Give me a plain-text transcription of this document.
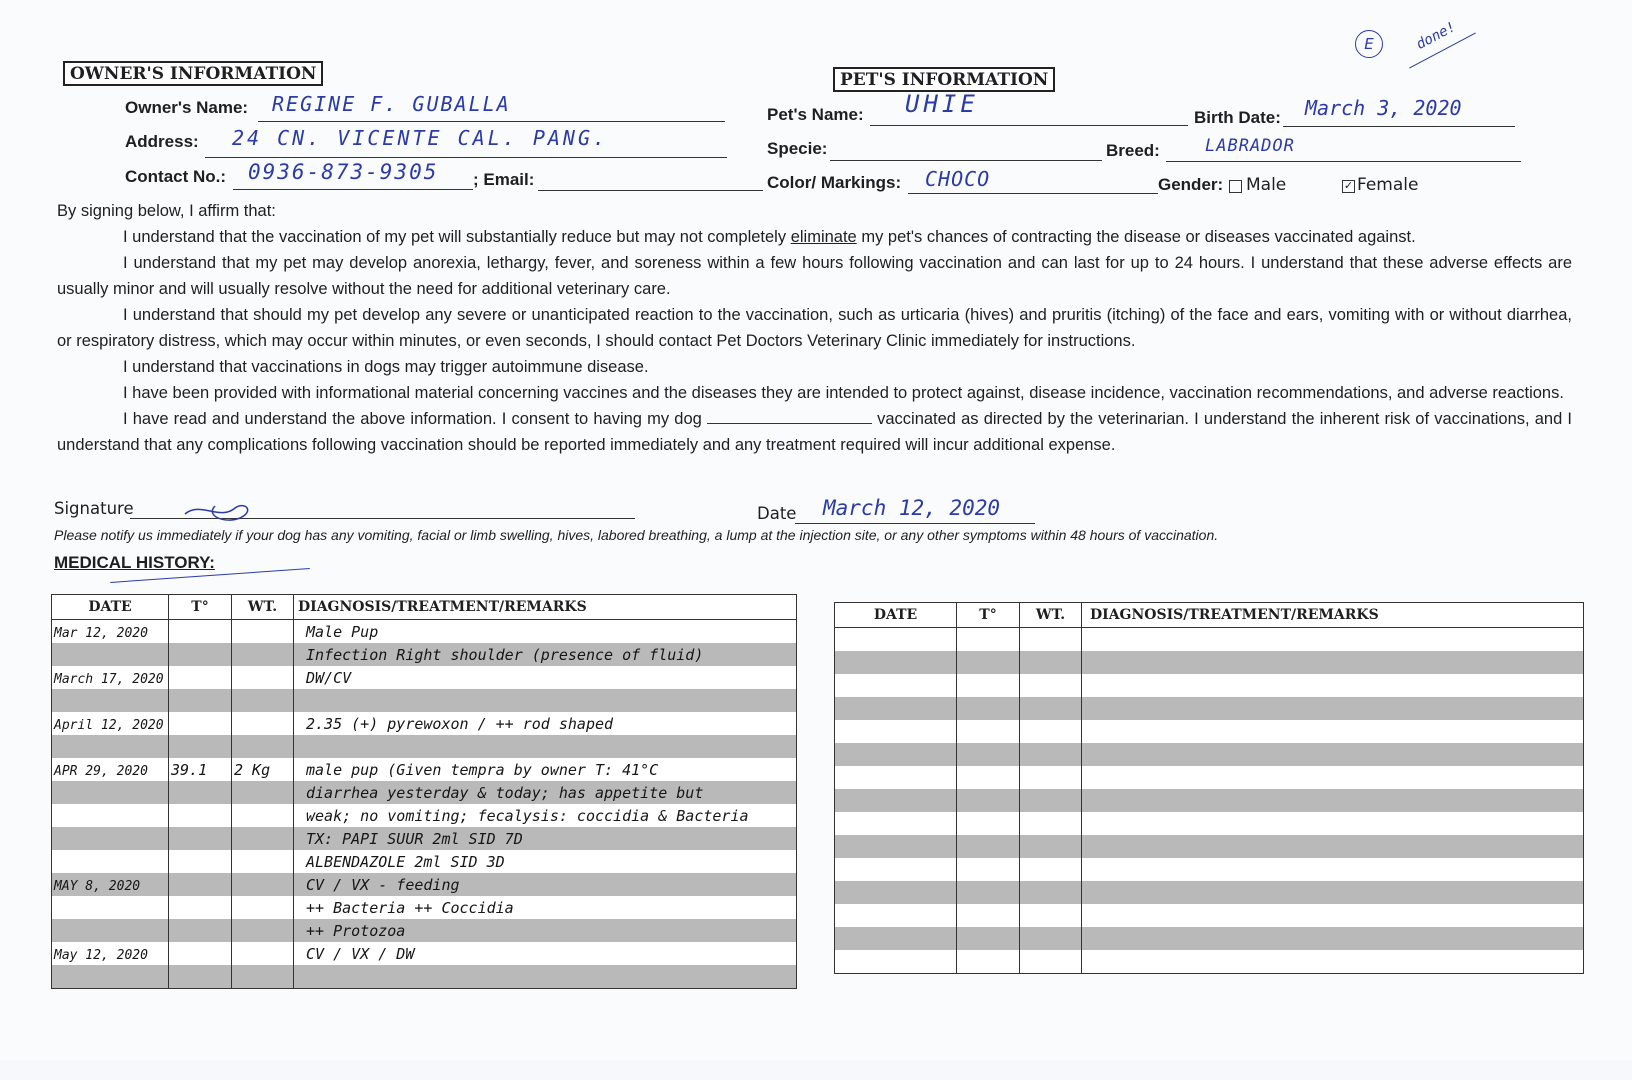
E	done!
OWNER'S INFORMATION
Owner's Name: REGINE F. GUBALLA
Address: 24 CN. VICENTE CAL. PANG.
Contact No.: 0936-873-9305 ; Email:
PET'S INFORMATION
Pet's Name: UHIE	Birth Date: March 3, 2020
Specie:	Breed:	LABRADOR
Color/ Markings: CHOCO	Gender: Male	✓ Female

By signing below, I affirm that:

I understand that the vaccination of my pet will substantially reduce but may not completely eliminate my pet's chances of contracting the disease or diseases vaccinated against.

I understand that my pet may develop anorexia, lethargy, fever, and soreness within a few hours following vaccination and can last for up to 24 hours. I understand that these adverse effects are usually minor and will usually resolve without the need for additional veterinary care.

I understand that should my pet develop any severe or unanticipated reaction to the vaccination, such as urticaria (hives) and pruritis (itching) of the face and ears, vomiting with or without diarrhea, or respiratory distress, which may occur within minutes, or even seconds, I should contact Pet Doctors Veterinary Clinic immediately for instructions.

I understand that vaccinations in dogs may trigger autoimmune disease.

I have been provided with informational material concerning vaccines and the diseases they are intended to protect against, disease incidence, vaccination recommendations, and adverse reactions.

I have read and understand the above information. I consent to having my dog	vaccinated as directed by the veterinarian. I understand the inherent risk of vaccinations, and I understand that any complications following vaccination should be reported immediately and any treatment required will incur additional expense.

Signature	Date March 12, 2020
Please notify us immediately if your dog has any vomiting, facial or limb swelling, hives, labored breathing, a lump at the injection site, or any other symptoms within 48 hours of vaccination.
MEDICAL HISTORY:
DATE	T°	WT.	DIAGNOSIS/TREATMENT/REMARKS
Mar 12, 2020			Male Pup
			Infection Right shoulder (presence of fluid)
March 17, 2020			DW/CV

April 12, 2020			2.35 (+) pyrewoxon / ++ rod shaped

APR 29, 2020	39.1	2 Kg	male pup (Given tempra by owner T: 41°C
			diarrhea yesterday & today; has appetite but
			weak; no vomiting; fecalysis: coccidia & Bacteria
			TX: PAPI SUUR 2ml SID 7D
			ALBENDAZOLE 2ml SID 3D
MAY 8, 2020			CV / VX - feeding
			++ Bacteria ++ Coccidia
			++ Protozoa
May 12, 2020			CV / VX / DW

DATE	T°	WT.	DIAGNOSIS/TREATMENT/REMARKS
